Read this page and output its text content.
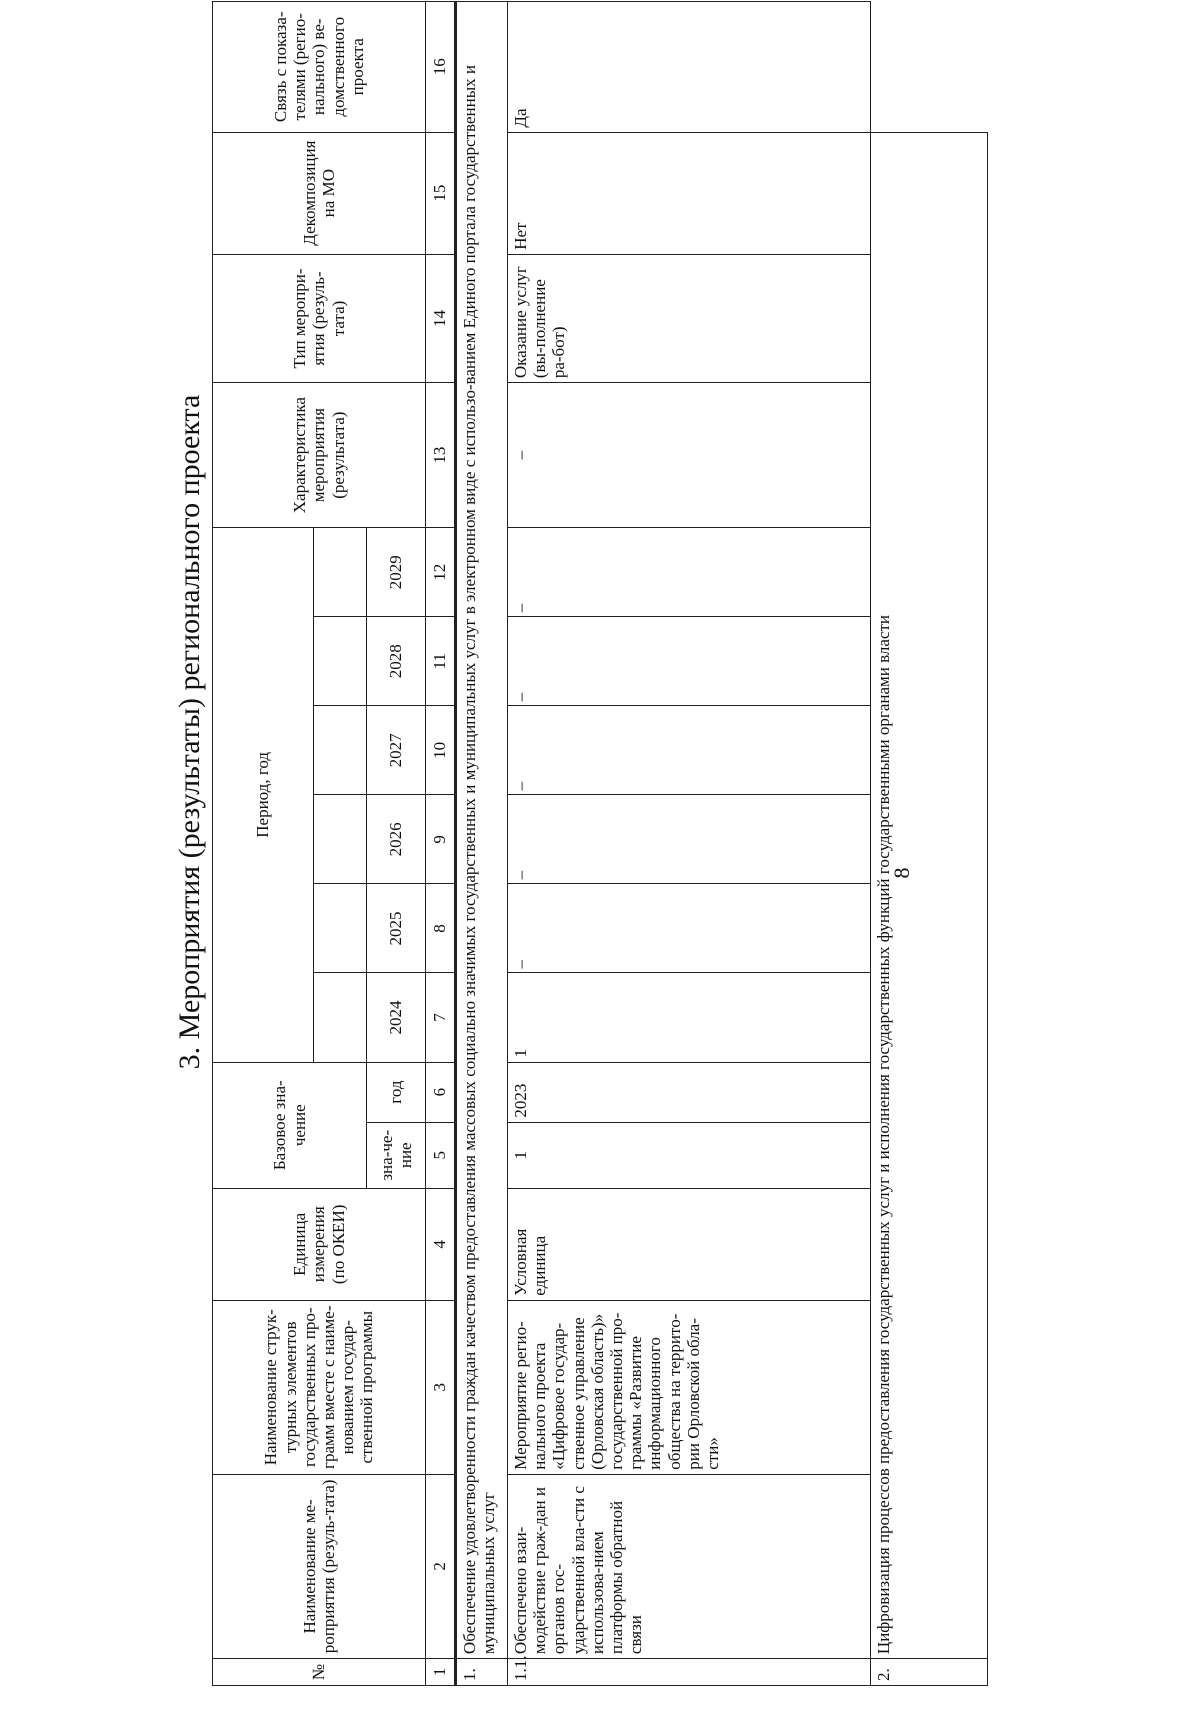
8
3. Мероприятия (результаты) регионального проекта
№	Наименование ме-роприятия (резуль-тата)	Наименование струк-турных элементов государственных про-грамм вместе с наиме-нованием государ-ственной программы	Единица измерения (по ОКЕИ)	Базовое зна-чение		Период, год						Характеристика мероприятия (результата)	Тип меропри-ятия (резуль-тата)	Декомпозиция на МО	Связь с показа-телями (регио-нального) ве-домственного проекта

				зна-че-ние	год	2024	2025	2026	2027	2028	2029				
1	2	3	4	5	6	7	8	9	10	11	12	13	14	15	16
1.	Обеспечение удовлетворенности граждан качеством предоставления массовых социально значимых государственных и муниципальных услуг в электронном виде с использо-ванием Единого портала государственных и муниципальных услуг														
1.1.	Обеспечено взаи-модействие граж-дан и органов гос-ударственной вла-сти с использова-нием платформы обратной связи	Мероприятие регио-нального проекта «Цифровое государ-ственное управление (Орловская область)» государственной про-граммы «Развитие информационного общества на террито-рии Орловской обла-сти»	Условная единица	1	2023	1	–	–	–	–	–	–	Оказание услуг (вы-полнение ра-бот)	Нет	Да
2.	Цифровизация процессов предоставления государственных услуг и исполнения государственных функций государственными органами власти														
